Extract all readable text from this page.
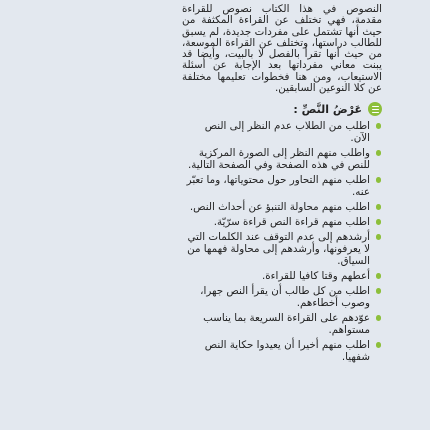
النصوص في هذا الكتاب نصوص للقراءة مقدمة، فهي تختلف عن القراءة المكثفة من حيث أنها تشتمل على مفردات جديدة، لم يسبق للطالب دراستها، وتختلف عن القراءة الموسعة، من حيث أنها تقرأ بالفصل لا بالبيت، وأيضا قد يبنت معاني مفرداتها بعد الإجابة عن أسئلة الاستيعاب، ومن هنا فخطوات تعليمها مختلفة عن كلا النوعين السابقين.

عَرْضُ النَّصِّ :
اطلب من الطلاب عدم النظر إلى النص الآن.
واطلب منهم النظر إلى الصورة المركزية للنص في هذه الصفحة وفي الصفحة التالية.
اطلب منهم التحاور حول محتوياتها، وما تعبّر عنه.
اطلب منهم محاولة التنبؤ عن أحداث النص.
اطلب منهم قراءة النص قراءة سرّيّة.
أرشدهم إلى عدم التوقف عند الكلمات التي لا يعرفونها، وأرشدهم إلى محاولة فهمها من السياق.
أعطهم وقتا كافيا للقراءة.
اطلب من كل طالب أن يقرأ النص جهرا، وصوب أخطاءهم.
عوّدهم على القراءة السريعة بما يناسب مستواهم.
اطلب منهم أخيرا أن يعيدوا حكاية النص شفهيا.
